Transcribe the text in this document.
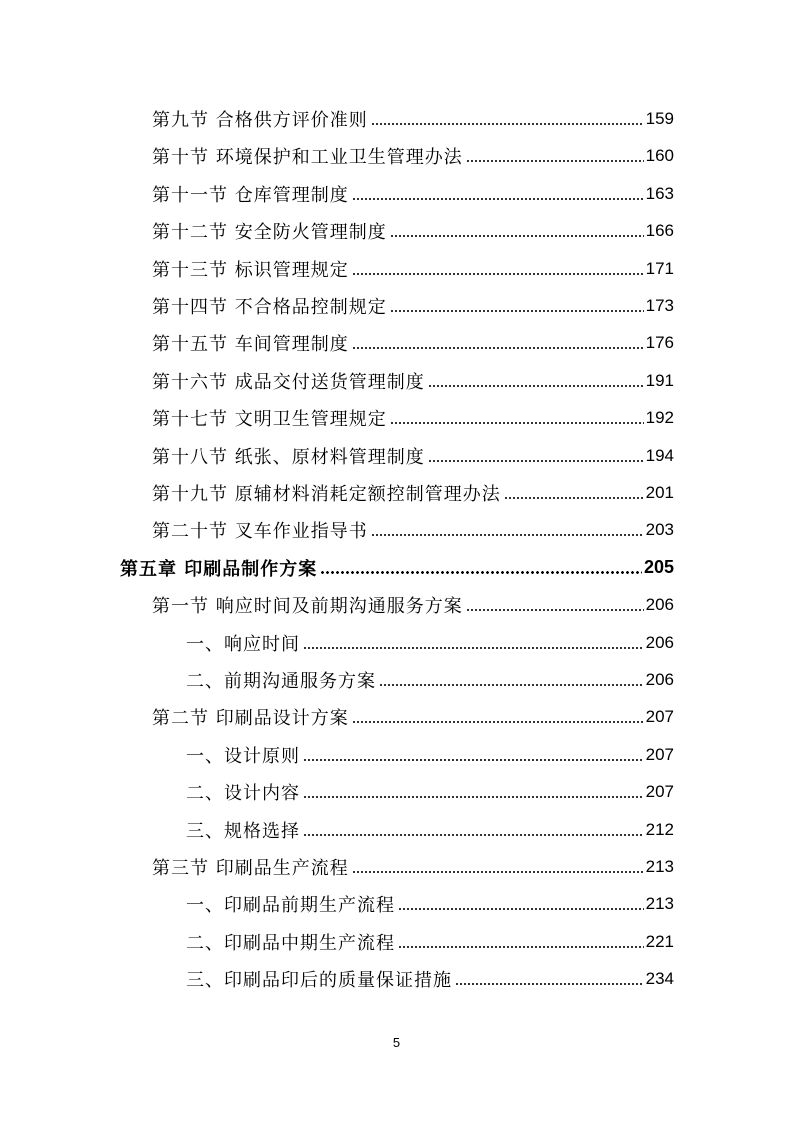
第九节 合格供方评价准则	159
第十节 环境保护和工业卫生管理办法	160
第十一节 仓库管理制度	163
第十二节 安全防火管理制度	166
第十三节 标识管理规定	171
第十四节 不合格品控制规定	173
第十五节 车间管理制度	176
第十六节 成品交付送货管理制度	191
第十七节 文明卫生管理规定	192
第十八节 纸张、原材料管理制度	194
第十九节 原辅材料消耗定额控制管理办法	201
第二十节 叉车作业指导书	203
第五章 印刷品制作方案	205
第一节 响应时间及前期沟通服务方案	206
一、响应时间	206
二、前期沟通服务方案	206
第二节 印刷品设计方案	207
一、设计原则	207
二、设计内容	207
三、规格选择	212
第三节 印刷品生产流程	213
一、印刷品前期生产流程	213
二、印刷品中期生产流程	221
三、印刷品印后的质量保证措施	234
5
